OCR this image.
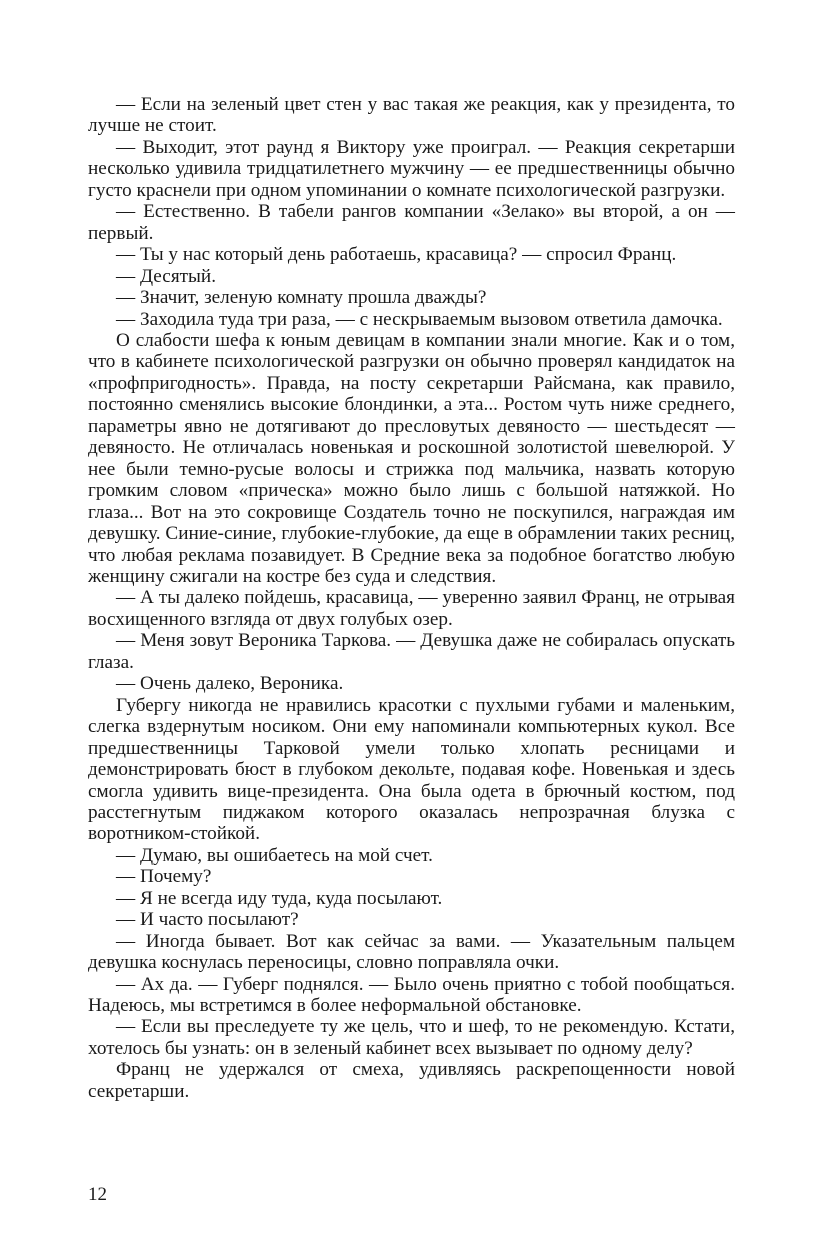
— Если на зеленый цвет стен у вас такая же реакция, как у президента, то лучше не стоит.

— Выходит, этот раунд я Виктору уже проиграл. — Реакция секретарши несколько удивила тридцатилетнего мужчину — ее предшественницы обычно густо краснели при одном упоминании о комнате психологической разгрузки.

— Естественно. В табели рангов компании «Зелако» вы второй, а он — первый.

— Ты у нас который день работаешь, красавица? — спросил Франц.

— Десятый.

— Значит, зеленую комнату прошла дважды?

— Заходила туда три раза, — с нескрываемым вызовом ответила дамочка.

О слабости шефа к юным девицам в компании знали многие. Как и о том, что в кабинете психологической разгрузки он обычно проверял кандидаток на «профпригодность». Правда, на посту секретарши Райсмана, как правило, постоянно сменялись высокие блондинки, а эта... Ростом чуть ниже среднего, параметры явно не дотягивают до пресловутых девяносто — шестьдесят — девяносто. Не отличалась новенькая и роскошной золотистой шевелюрой. У нее были темно-русые волосы и стрижка под мальчика, назвать которую громким словом «прическа» можно было лишь с большой натяжкой. Но глаза... Вот на это сокровище Создатель точно не поскупился, награждая им девушку. Синие-синие, глубокие-глубокие, да еще в обрамлении таких ресниц, что любая реклама позавидует. В Средние века за подобное богатство любую женщину сжигали на костре без суда и следствия.

— А ты далеко пойдешь, красавица, — уверенно заявил Франц, не отрывая восхищенного взгляда от двух голубых озер.

— Меня зовут Вероника Таркова. — Девушка даже не собиралась опускать глаза.

— Очень далеко, Вероника.

Губергу никогда не нравились красотки с пухлыми губами и маленьким, слегка вздернутым носиком. Они ему напоминали компьютерных кукол. Все предшественницы Тарковой умели только хлопать ресницами и демонстрировать бюст в глубоком декольте, подавая кофе. Новенькая и здесь смогла удивить вице-президента. Она была одета в брючный костюм, под расстегнутым пиджаком которого оказалась непрозрачная блузка с воротником-стойкой.

— Думаю, вы ошибаетесь на мой счет.

— Почему?

— Я не всегда иду туда, куда посылают.

— И часто посылают?

— Иногда бывает. Вот как сейчас за вами. — Указательным пальцем девушка коснулась переносицы, словно поправляла очки.

— Ах да. — Губерг поднялся. — Было очень приятно с тобой пообщаться. Надеюсь, мы встретимся в более неформальной обстановке.

— Если вы преследуете ту же цель, что и шеф, то не рекомендую. Кстати, хотелось бы узнать: он в зеленый кабинет всех вызывает по одному делу?

Франц не удержался от смеха, удивляясь раскрепощенности новой секретарши.

12
